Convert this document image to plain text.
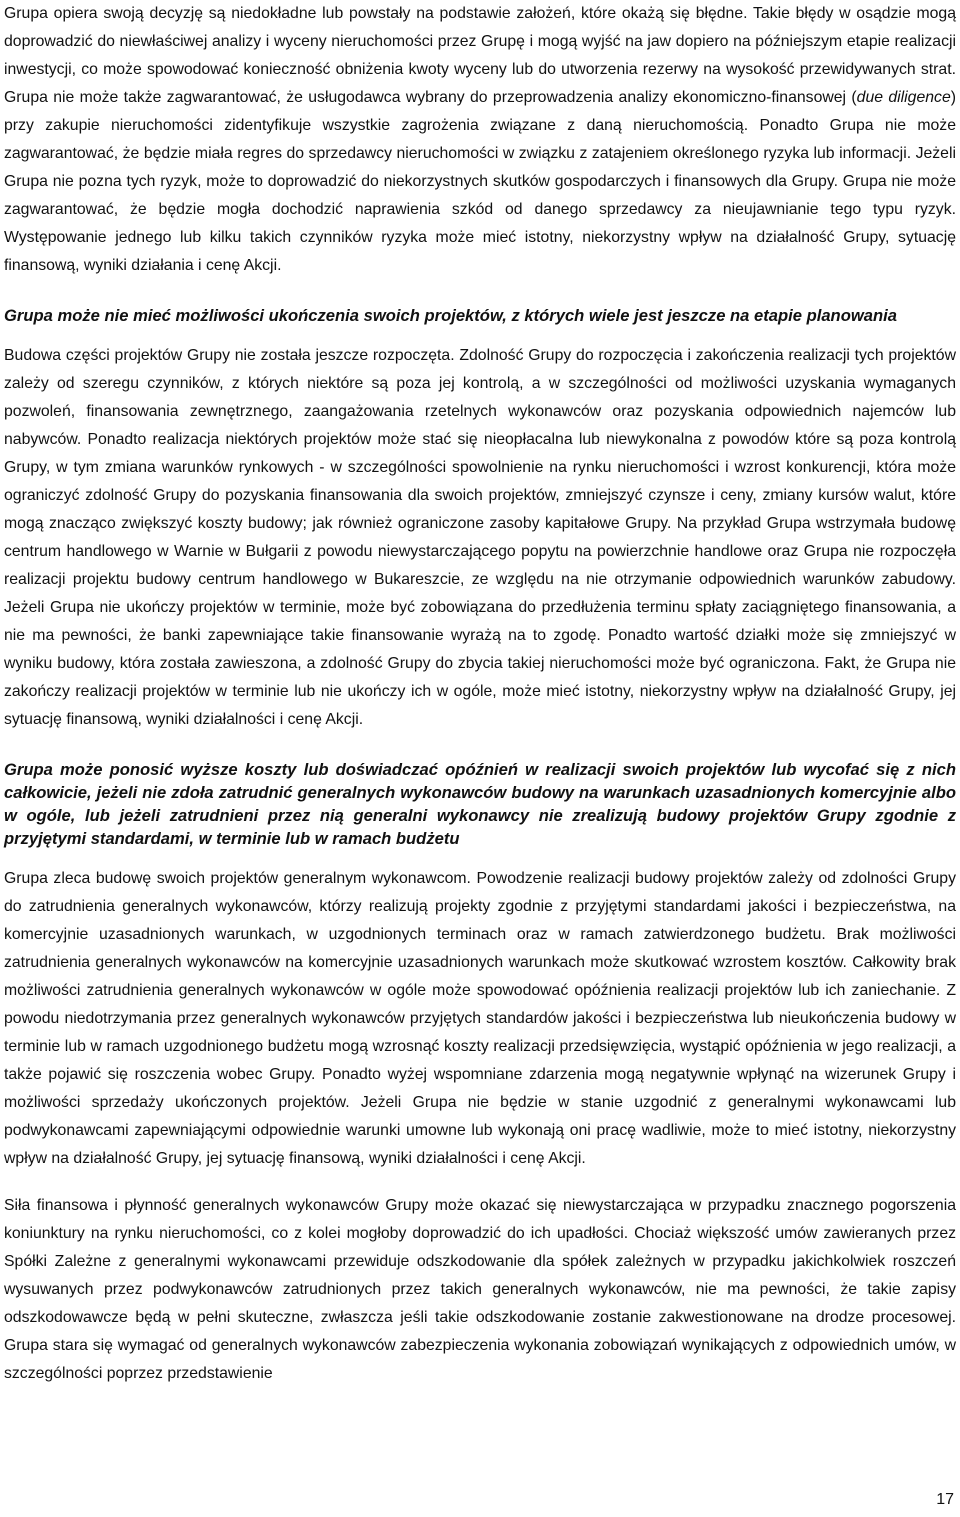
Grupa opiera swoją decyzję są niedokładne lub powstały na podstawie założeń, które okażą się błędne. Takie błędy w osądzie mogą doprowadzić do niewłaściwej analizy i wyceny nieruchomości przez Grupę i mogą wyjść na jaw dopiero na późniejszym etapie realizacji inwestycji, co może spowodować konieczność obniżenia kwoty wyceny lub do utworzenia rezerwy na wysokość przewidywanych strat. Grupa nie może także zagwarantować, że usługodawca wybrany do przeprowadzenia analizy ekonomiczno-finansowej (due diligence) przy zakupie nieruchomości zidentyfikuje wszystkie zagrożenia związane z daną nieruchomością. Ponadto Grupa nie może zagwarantować, że będzie miała regres do sprzedawcy nieruchomości w związku z zatajeniem określonego ryzyka lub informacji. Jeżeli Grupa nie pozna tych ryzyk, może to doprowadzić do niekorzystnych skutków gospodarczych i finansowych dla Grupy. Grupa nie może zagwarantować, że będzie mogła dochodzić naprawienia szkód od danego sprzedawcy za nieujawnianie tego typu ryzyk. Występowanie jednego lub kilku takich czynników ryzyka może mieć istotny, niekorzystny wpływ na działalność Grupy, sytuację finansową, wyniki działania i cenę Akcji.

Grupa może nie mieć możliwości ukończenia swoich projektów, z których wiele jest jeszcze na etapie planowania

Budowa części projektów Grupy nie została jeszcze rozpoczęta. Zdolność Grupy do rozpoczęcia i zakończenia realizacji tych projektów zależy od szeregu czynników, z których niektóre są poza jej kontrolą, a w szczególności od możliwości uzyskania wymaganych pozwoleń, finansowania zewnętrznego, zaangażowania rzetelnych wykonawców oraz pozyskania odpowiednich najemców lub nabywców. Ponadto realizacja niektórych projektów może stać się nieopłacalna lub niewykonalna z powodów które są poza kontrolą Grupy, w tym zmiana warunków rynkowych - w szczególności spowolnienie na rynku nieruchomości i wzrost konkurencji, która może ograniczyć zdolność Grupy do pozyskania finansowania dla swoich projektów, zmniejszyć czynsze i ceny, zmiany kursów walut, które mogą znacząco zwiększyć koszty budowy; jak również ograniczone zasoby kapitałowe Grupy. Na przykład Grupa wstrzymała budowę centrum handlowego w Warnie w Bułgarii z powodu niewystarczającego popytu na powierzchnie handlowe oraz Grupa nie rozpoczęła realizacji projektu budowy centrum handlowego w Bukareszcie, ze względu na nie otrzymanie odpowiednich warunków zabudowy. Jeżeli Grupa nie ukończy projektów w terminie, może być zobowiązana do przedłużenia terminu spłaty zaciągniętego finansowania, a nie ma pewności, że banki zapewniające takie finansowanie wyrażą na to zgodę. Ponadto wartość działki może się zmniejszyć w wyniku budowy, która została zawieszona, a zdolność Grupy do zbycia takiej nieruchomości może być ograniczona. Fakt, że Grupa nie zakończy realizacji projektów w terminie lub nie ukończy ich w ogóle, może mieć istotny, niekorzystny wpływ na działalność Grupy, jej sytuację finansową, wyniki działalności i cenę Akcji.

Grupa może ponosić wyższe koszty lub doświadczać opóźnień w realizacji swoich projektów lub wycofać się z nich całkowicie, jeżeli nie zdoła zatrudnić generalnych wykonawców budowy na warunkach uzasadnionych komercyjnie albo w ogóle, lub jeżeli zatrudnieni przez nią generalni wykonawcy nie zrealizują budowy projektów Grupy zgodnie z przyjętymi standardami, w terminie lub w ramach budżetu

Grupa zleca budowę swoich projektów generalnym wykonawcom. Powodzenie realizacji budowy projektów zależy od zdolności Grupy do zatrudnienia generalnych wykonawców, którzy realizują projekty zgodnie z przyjętymi standardami jakości i bezpieczeństwa, na komercyjnie uzasadnionych warunkach, w uzgodnionych terminach oraz w ramach zatwierdzonego budżetu. Brak możliwości zatrudnienia generalnych wykonawców na komercyjnie uzasadnionych warunkach może skutkować wzrostem kosztów. Całkowity brak możliwości zatrudnienia generalnych wykonawców w ogóle może spowodować opóźnienia realizacji projektów lub ich zaniechanie. Z powodu niedotrzymania przez generalnych wykonawców przyjętych standardów jakości i bezpieczeństwa lub nieukończenia budowy w terminie lub w ramach uzgodnionego budżetu mogą wzrosnąć koszty realizacji przedsięwzięcia, wystąpić opóźnienia w jego realizacji, a także pojawić się roszczenia wobec Grupy. Ponadto wyżej wspomniane zdarzenia mogą negatywnie wpłynąć na wizerunek Grupy i możliwości sprzedaży ukończonych projektów. Jeżeli Grupa nie będzie w stanie uzgodnić z generalnymi wykonawcami lub podwykonawcami zapewniającymi odpowiednie warunki umowne lub wykonają oni pracę wadliwie, może to mieć istotny, niekorzystny wpływ na działalność Grupy, jej sytuację finansową, wyniki działalności i cenę Akcji.

Siła finansowa i płynność generalnych wykonawców Grupy może okazać się niewystarczająca w przypadku znacznego pogorszenia koniunktury na rynku nieruchomości, co z kolei mogłoby doprowadzić do ich upadłości. Chociaż większość umów zawieranych przez Spółki Zależne z generalnymi wykonawcami przewiduje odszkodowanie dla spółek zależnych w przypadku jakichkolwiek roszczeń wysuwanych przez podwykonawców zatrudnionych przez takich generalnych wykonawców, nie ma pewności, że takie zapisy odszkodowawcze będą w pełni skuteczne, zwłaszcza jeśli takie odszkodowanie zostanie zakwestionowane na drodze procesowej. Grupa stara się wymagać od generalnych wykonawców zabezpieczenia wykonania zobowiązań wynikających z odpowiednich umów, w szczególności poprzez przedstawienie

17
